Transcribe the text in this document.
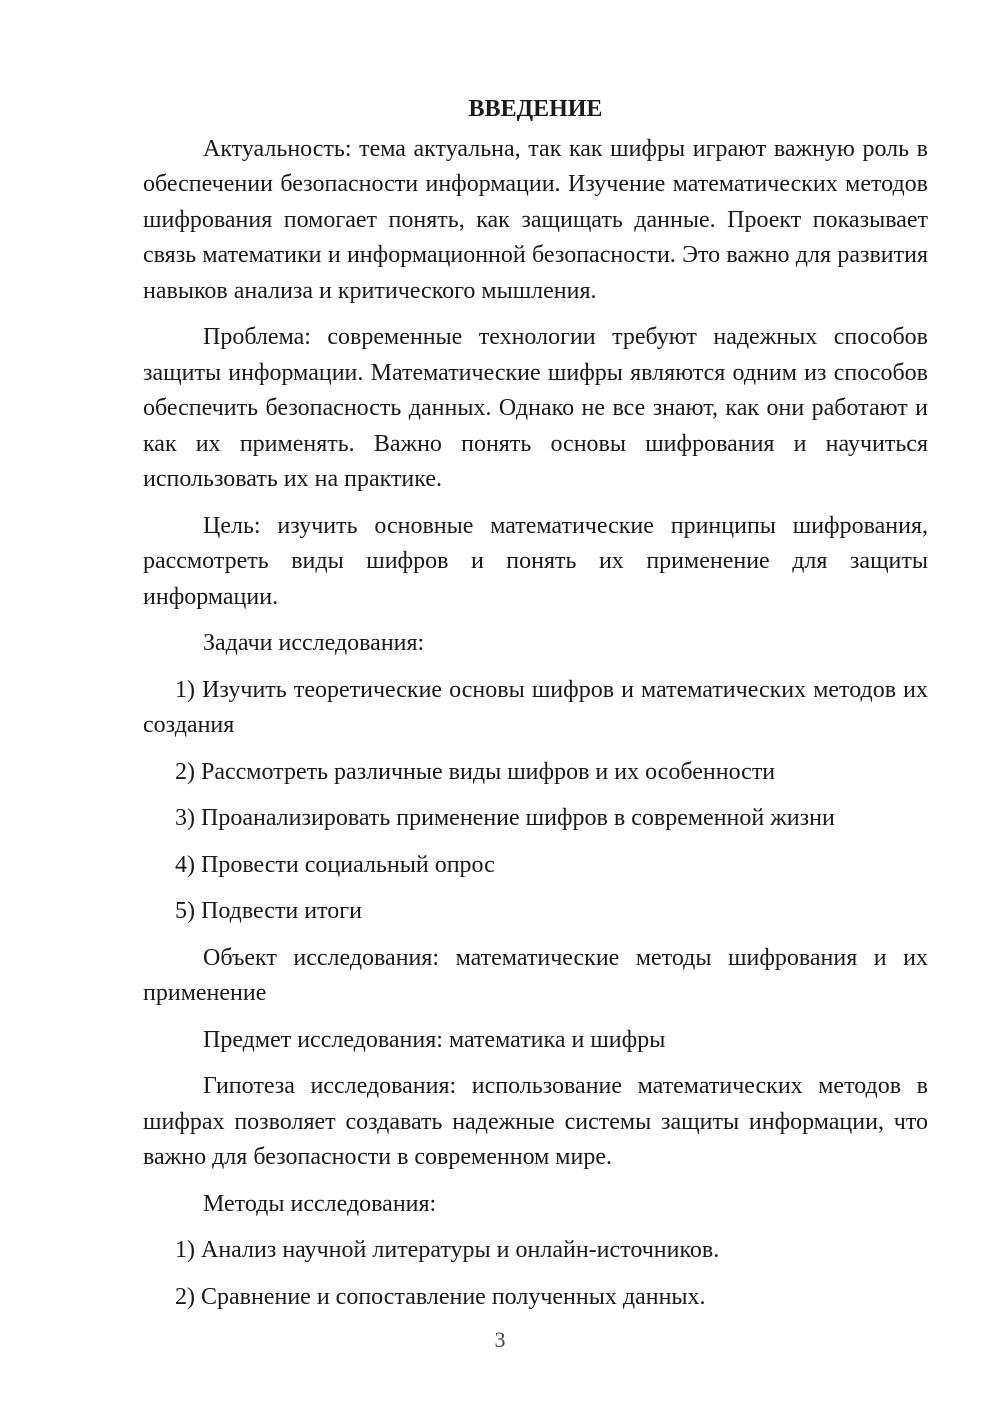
ВВЕДЕНИЕ

Актуальность: тема актуальна, так как шифры играют важную роль в обеспечении безопасности информации. Изучение математических методов шифрования помогает понять, как защищать данные. Проект показывает связь математики и информационной безопасности. Это важно для развития навыков анализа и критического мышления.

Проблема: современные технологии требуют надежных способов защиты информации. Математические шифры являются одним из способов обеспечить безопасность данных. Однако не все знают, как они работают и как их применять. Важно понять основы шифрования и научиться использовать их на практике.

Цель: изучить основные математические принципы шифрования, рассмотреть виды шифров и понять их применение для защиты информации.

Задачи исследования:

1) Изучить теоретические основы шифров и математических методов их создания

2) Рассмотреть различные виды шифров и их особенности

3) Проанализировать применение шифров в современной жизни

4) Провести социальный опрос

5) Подвести итоги

Объект исследования: математические методы шифрования и их применение

Предмет исследования: математика и шифры

Гипотеза исследования: использование математических методов в шифрах позволяет создавать надежные системы защиты информации, что важно для безопасности в современном мире.

Методы исследования:

1) Анализ научной литературы и онлайн-источников.

2) Сравнение и сопоставление полученных данных.

3
